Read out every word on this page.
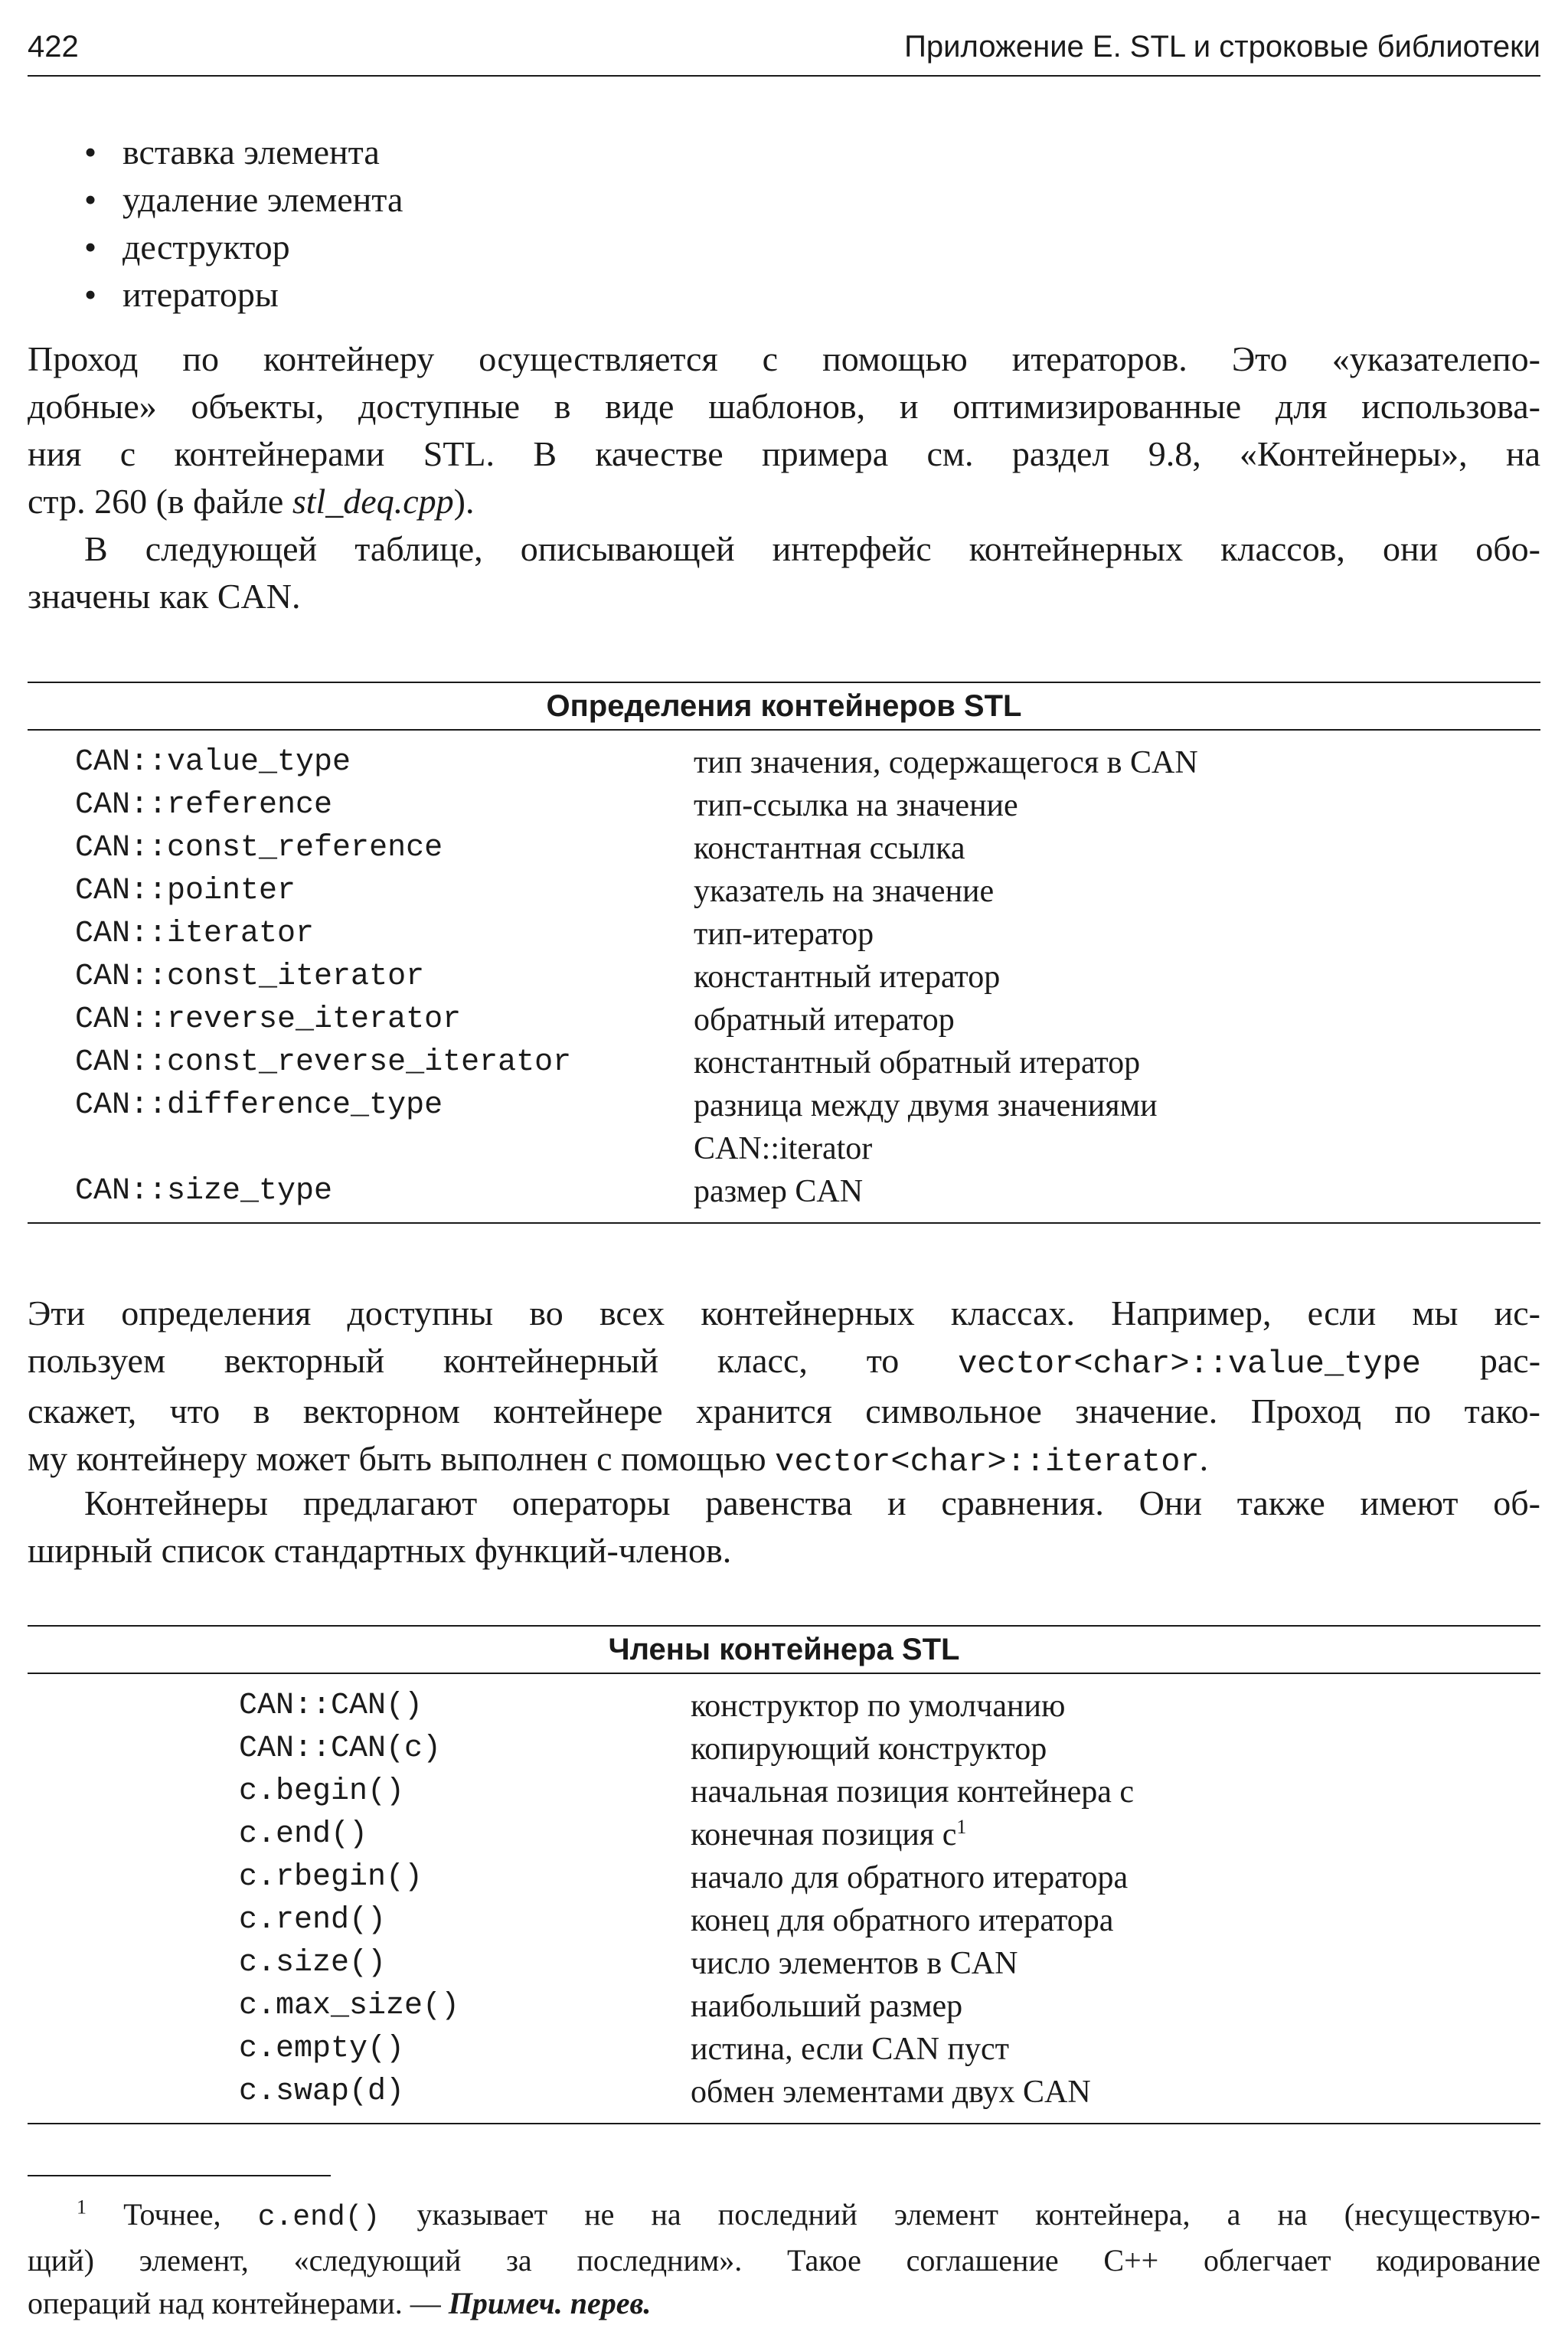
422	Приложение Е. STL и строковые библиотеки
• вставка элемента
• удаление элемента
• деструктор
• итераторы

Проход по контейнеру осуществляется с помощью итераторов. Это «указателепо-
добные» объекты, доступные в виде шаблонов, и оптимизированные для использова-
ния с контейнерами STL. В качестве примера см. раздел 9.8, «Контейнеры», на
стр. 260 (в файле stl_deq.cpp).

В следующей таблице, описывающей интерфейс контейнерных классов, они обо-
значены как CAN.

Определения контейнеров STL
CAN::value_type	тип значения, содержащегося в CAN
CAN::reference	тип-ссылка на значение
CAN::const_reference	константная ссылка
CAN::pointer	указатель на значение
CAN::iterator	тип-итератор
CAN::const_iterator	константный итератор
CAN::reverse_iterator	обратный итератор
CAN::const_reverse_iterator	константный обратный итератор
CAN::difference_type	разница между двумя значениями
CAN::iterator
CAN::size_type	размер CAN

Эти определения доступны во всех контейнерных классах. Например, если мы ис-
пользуем векторный контейнерный класс, то vector<char>::value_type рас-
скажет, что в векторном контейнере хранится символьное значение. Проход по тако-
му контейнеру может быть выполнен с помощью vector<char>::iterator.

Контейнеры предлагают операторы равенства и сравнения. Они также имеют об-
ширный список стандартных функций-членов.

Члены контейнера STL
CAN::CAN()	конструктор по умолчанию
CAN::CAN(c)	копирующий конструктор
c.begin()	начальная позиция контейнера с
c.end()	конечная позиция $с^1$
c.rbegin()	начало для обратного итератора
c.rend()	конец для обратного итератора
c.size()	число элементов в CAN
c.max_size()	наибольший размер
c.empty()	истина, если CAN пуст
c.swap(d)	обмен элементами двух CAN

$^1$ Точнее, c.end() указывает не на последний элемент контейнера, а на (несуществую-
щий) элемент, «следующий за последним». Такое соглашение C++ облегчает кодирование
операций над контейнерами. — Примеч. перев.
